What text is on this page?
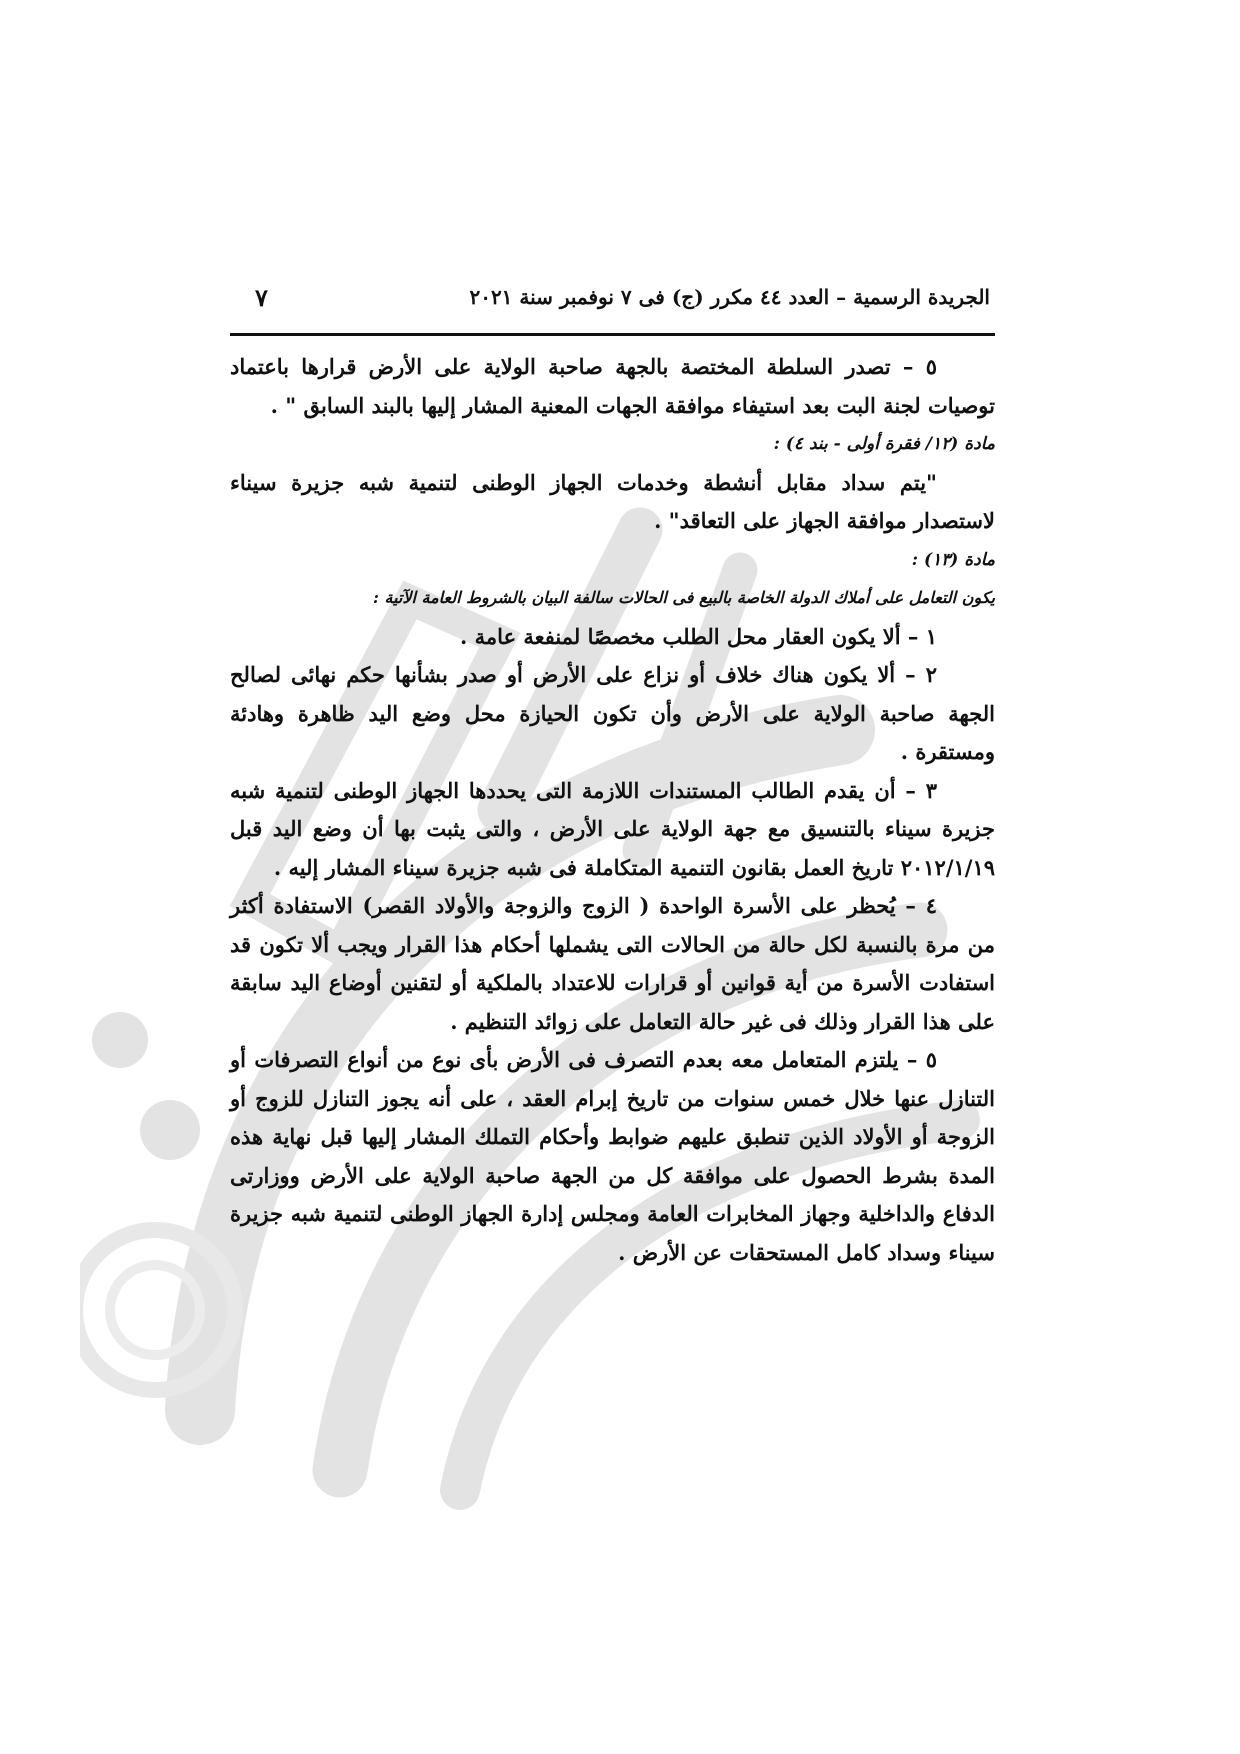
الجريدة الرسمية – العدد ٤٤ مكرر (ج) فى ٧ نوفمبر سنة ٢٠٢١
٧

٥ – تصدر السلطة المختصة بالجهة صاحبة الولاية على الأرض قرارها باعتماد توصيات لجنة البت بعد استيفاء موافقة الجهات المعنية المشار إليها بالبند السابق " .

مادة (١٢/ فقرة أولى - بند ٤) :

"يتم سداد مقابل أنشطة وخدمات الجهاز الوطنى لتنمية شبه جزيرة سيناء لاستصدار موافقة الجهاز على التعاقد" .

مادة (١٣) :

يكون التعامل على أملاك الدولة الخاصة بالبيع فى الحالات سالفة البيان بالشروط العامة الآتية :

١ – ألا يكون العقار محل الطلب مخصصًا لمنفعة عامة .

٢ – ألا يكون هناك خلاف أو نزاع على الأرض أو صدر بشأنها حكم نهائى لصالح الجهة صاحبة الولاية على الأرض وأن تكون الحيازة محل وضع اليد ظاهرة وهادئة ومستقرة .

٣ – أن يقدم الطالب المستندات اللازمة التى يحددها الجهاز الوطنى لتنمية شبه جزيرة سيناء بالتنسيق مع جهة الولاية على الأرض ، والتى يثبت بها أن وضع اليد قبل ٢٠١٢/١/١٩ تاريخ العمل بقانون التنمية المتكاملة فى شبه جزيرة سيناء المشار إليه .

٤ – يُحظر على الأسرة الواحدة ( الزوج والزوجة والأولاد القصر) الاستفادة أكثر من مرة بالنسبة لكل حالة من الحالات التى يشملها أحكام هذا القرار ويجب ألا تكون قد استفادت الأسرة من أية قوانين أو قرارات للاعتداد بالملكية أو لتقنين أوضاع اليد سابقة على هذا القرار وذلك فى غير حالة التعامل على زوائد التنظيم .

٥ – يلتزم المتعامل معه بعدم التصرف فى الأرض بأى نوع من أنواع التصرفات أو التنازل عنها خلال خمس سنوات من تاريخ إبرام العقد ، على أنه يجوز التنازل للزوج أو الزوجة أو الأولاد الذين تنطبق عليهم ضوابط وأحكام التملك المشار إليها قبل نهاية هذه المدة بشرط الحصول على موافقة كل من الجهة صاحبة الولاية على الأرض ووزارتى الدفاع والداخلية وجهاز المخابرات العامة ومجلس إدارة الجهاز الوطنى لتنمية شبه جزيرة سيناء وسداد كامل المستحقات عن الأرض .
